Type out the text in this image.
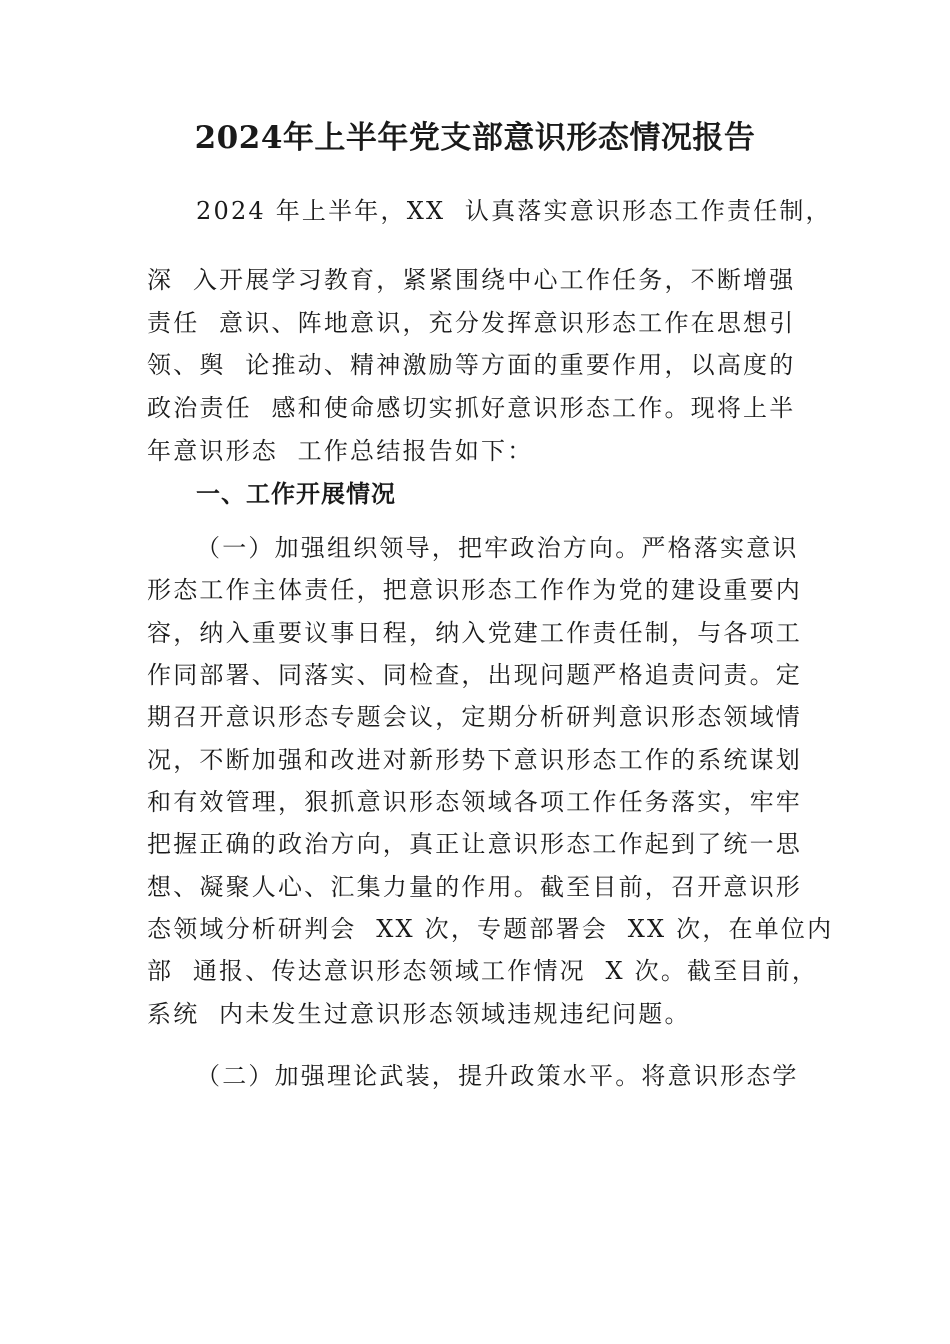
2024年上半年党支部意识形态情况报告

2024 年上半年，XX  认真落实意识形态工作责任制，

深  入开展学习教育，紧紧围绕中心工作任务，不断增强

责任  意识、阵地意识，充分发挥意识形态工作在思想引

领、舆  论推动、精神激励等方面的重要作用，以高度的

政治责任  感和使命感切实抓好意识形态工作。现将上半

年意识形态  工作总结报告如下：

一、工作开展情况

（一）加强组织领导，把牢政治方向。严格落实意识

形态工作主体责任，把意识形态工作作为党的建设重要内

容，纳入重要议事日程，纳入党建工作责任制，与各项工

作同部署、同落实、同检查，出现问题严格追责问责。定

期召开意识形态专题会议，定期分析研判意识形态领域情

况，不断加强和改进对新形势下意识形态工作的系统谋划

和有效管理，狠抓意识形态领域各项工作任务落实，牢牢

把握正确的政治方向，真正让意识形态工作起到了统一思

想、凝聚人心、汇集力量的作用。截至目前，召开意识形

态领域分析研判会  XX 次，专题部署会  XX 次，在单位内

部  通报、传达意识形态领域工作情况  X 次。截至目前，

系统  内未发生过意识形态领域违规违纪问题。

（二）加强理论武装，提升政策水平。将意识形态学
